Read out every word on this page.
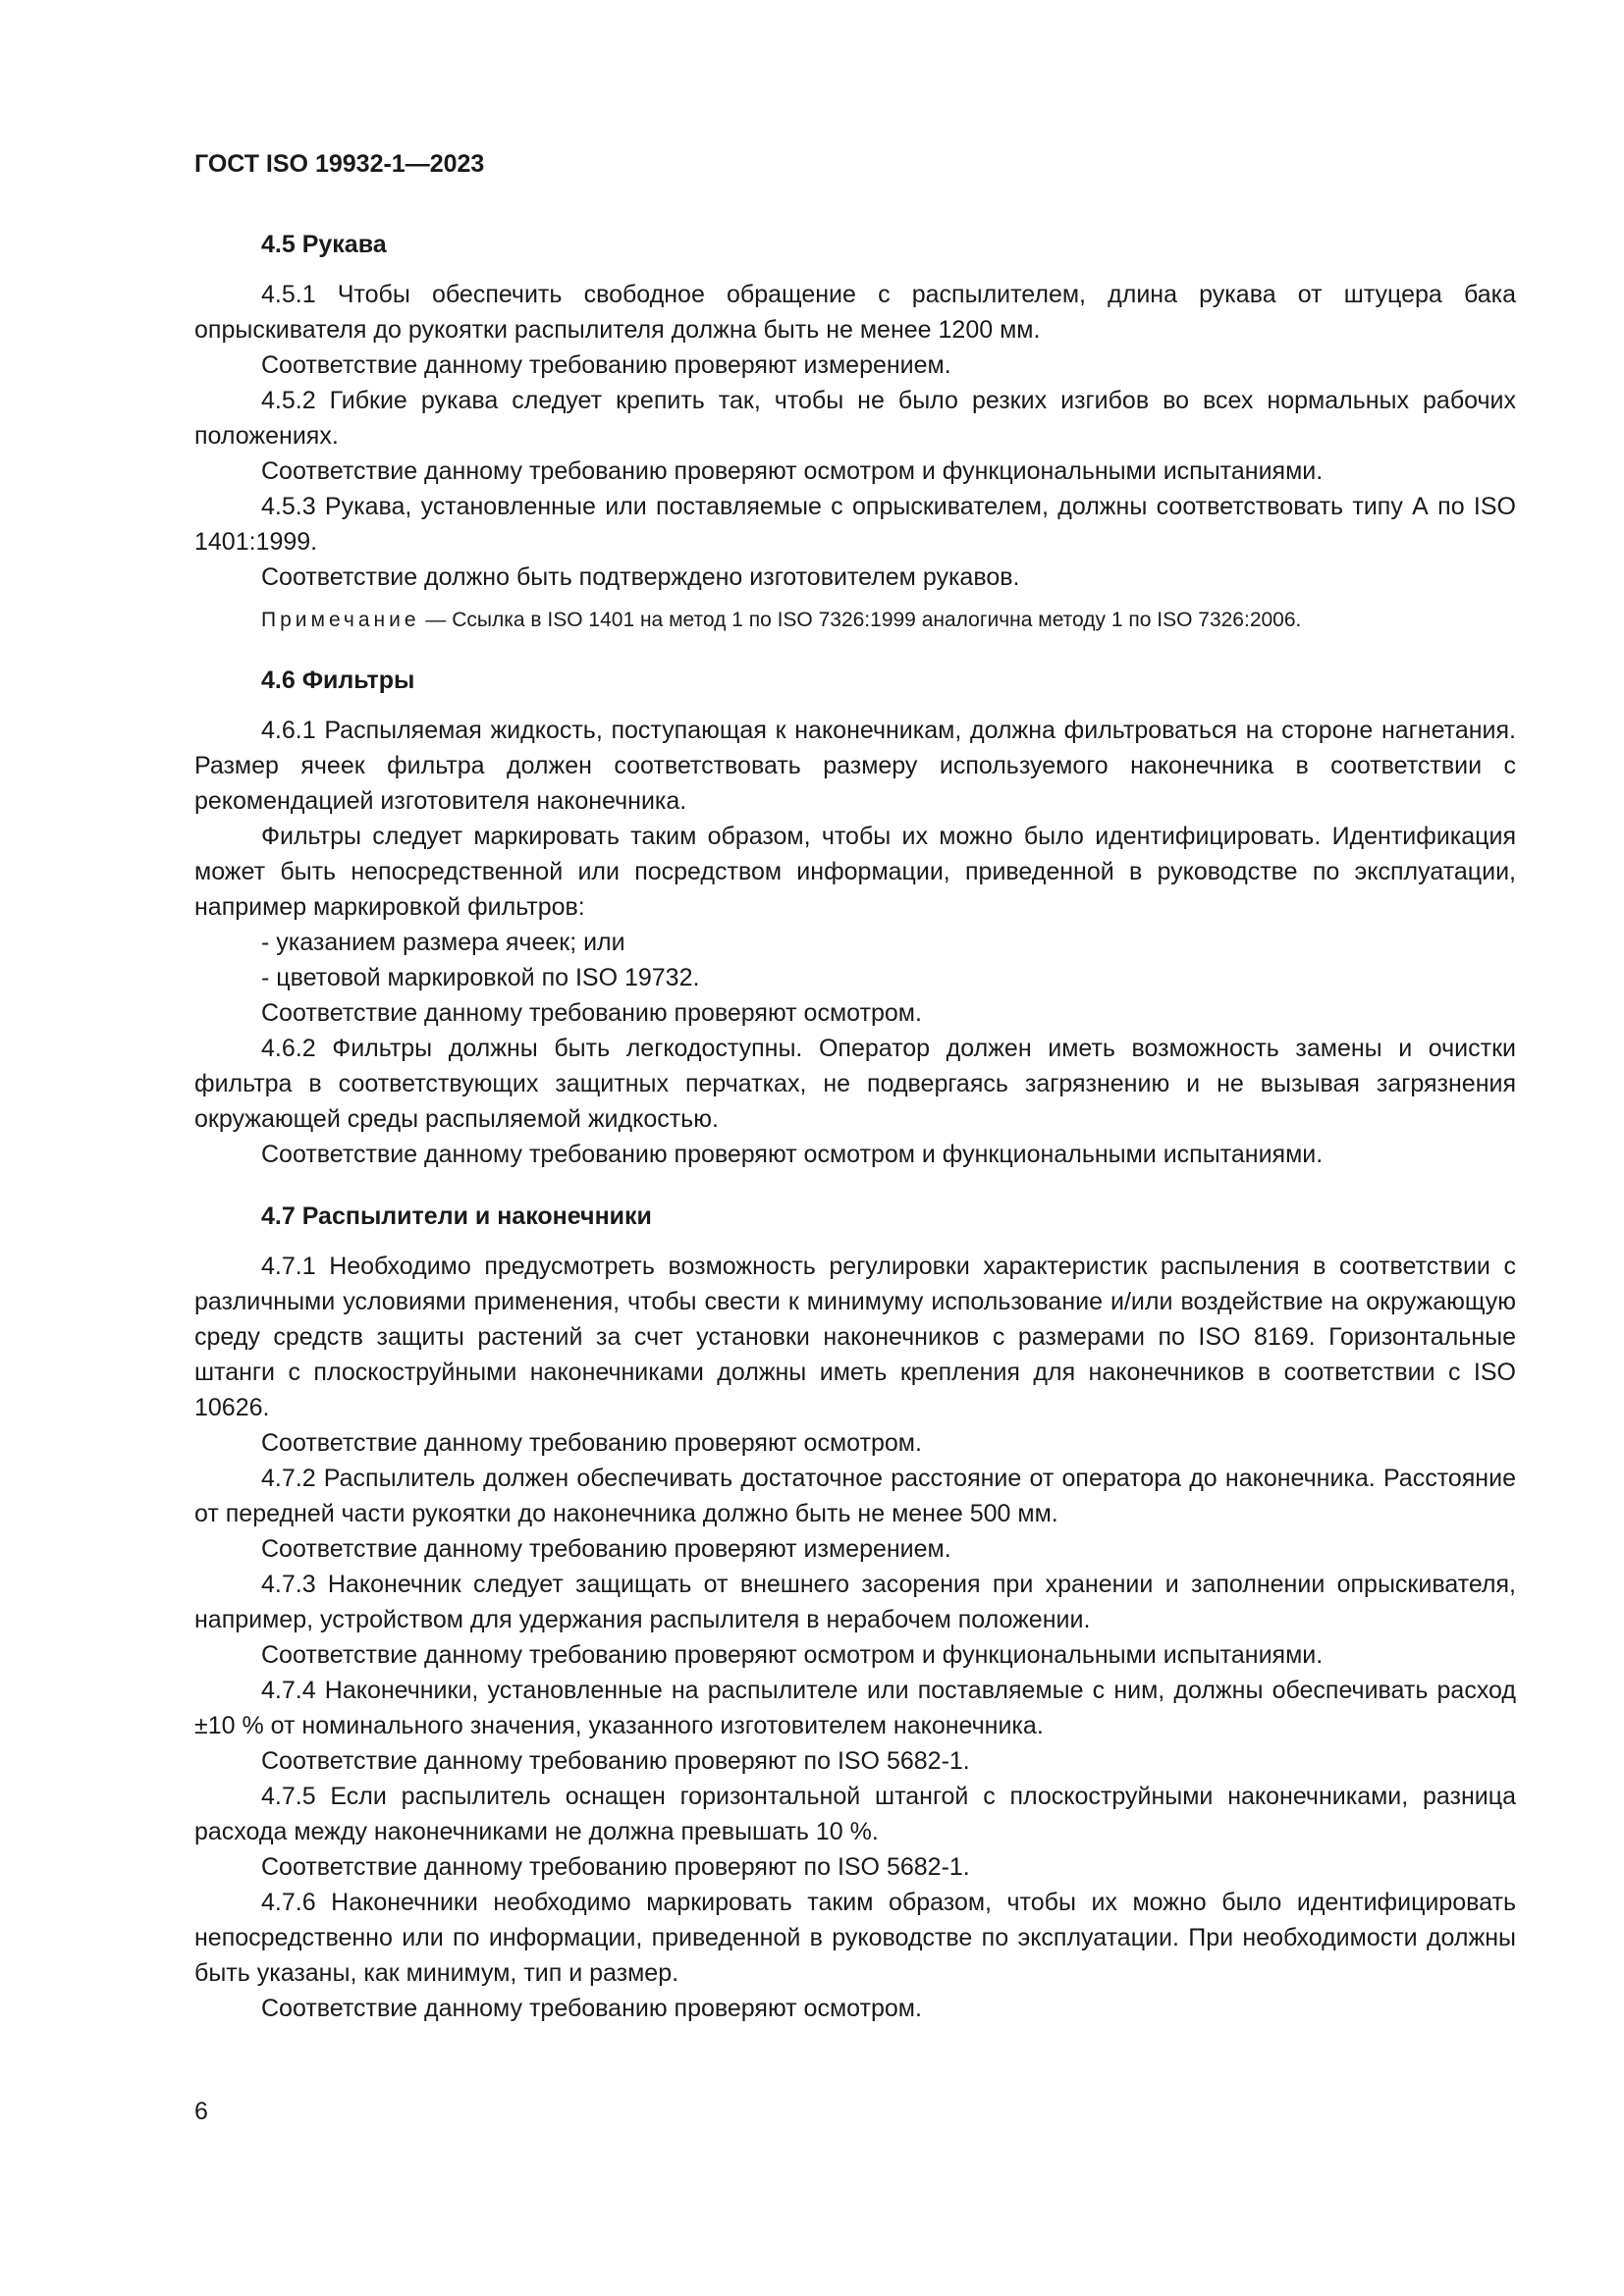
ГОСТ ISO 19932-1—2023
4.5 Рукава

4.5.1 Чтобы обеспечить свободное обращение с распылителем, длина рукава от штуцера бака опрыскивателя до рукоятки распылителя должна быть не менее 1200 мм.

Соответствие данному требованию проверяют измерением.

4.5.2 Гибкие рукава следует крепить так, чтобы не было резких изгибов во всех нормальных рабочих положениях.

Соответствие данному требованию проверяют осмотром и функциональными испытаниями.

4.5.3 Рукава, установленные или поставляемые с опрыскивателем, должны соответствовать типу А по ISO 1401:1999.

Соответствие должно быть подтверждено изготовителем рукавов.

Примечание — Ссылка в ISO 1401 на метод 1 по ISO 7326:1999 аналогична методу 1 по ISO 7326:2006.

4.6 Фильтры

4.6.1 Распыляемая жидкость, поступающая к наконечникам, должна фильтроваться на стороне нагнетания. Размер ячеек фильтра должен соответствовать размеру используемого наконечника в соответствии с рекомендацией изготовителя наконечника.

Фильтры следует маркировать таким образом, чтобы их можно было идентифицировать. Идентификация может быть непосредственной или посредством информации, приведенной в руководстве по эксплуатации, например маркировкой фильтров:

- указанием размера ячеек; или
- цветовой маркировкой по ISO 19732.

Соответствие данному требованию проверяют осмотром.

4.6.2 Фильтры должны быть легкодоступны. Оператор должен иметь возможность замены и очистки фильтра в соответствующих защитных перчатках, не подвергаясь загрязнению и не вызывая загрязнения окружающей среды распыляемой жидкостью.

Соответствие данному требованию проверяют осмотром и функциональными испытаниями.

4.7 Распылители и наконечники

4.7.1 Необходимо предусмотреть возможность регулировки характеристик распыления в соответствии с различными условиями применения, чтобы свести к минимуму использование и/или воздействие на окружающую среду средств защиты растений за счет установки наконечников с размерами по ISO 8169. Горизонтальные штанги с плоскоструйными наконечниками должны иметь крепления для наконечников в соответствии с ISO 10626.

Соответствие данному требованию проверяют осмотром.

4.7.2 Распылитель должен обеспечивать достаточное расстояние от оператора до наконечника. Расстояние от передней части рукоятки до наконечника должно быть не менее 500 мм.

Соответствие данному требованию проверяют измерением.

4.7.3 Наконечник следует защищать от внешнего засорения при хранении и заполнении опрыскивателя, например, устройством для удержания распылителя в нерабочем положении.

Соответствие данному требованию проверяют осмотром и функциональными испытаниями.

4.7.4 Наконечники, установленные на распылителе или поставляемые с ним, должны обеспечивать расход ±10 % от номинального значения, указанного изготовителем наконечника.

Соответствие данному требованию проверяют по ISO 5682-1.

4.7.5 Если распылитель оснащен горизонтальной штангой с плоскоструйными наконечниками, разница расхода между наконечниками не должна превышать 10 %.

Соответствие данному требованию проверяют по ISO 5682-1.

4.7.6 Наконечники необходимо маркировать таким образом, чтобы их можно было идентифицировать непосредственно или по информации, приведенной в руководстве по эксплуатации. При необходимости должны быть указаны, как минимум, тип и размер.

Соответствие данному требованию проверяют осмотром.

6
